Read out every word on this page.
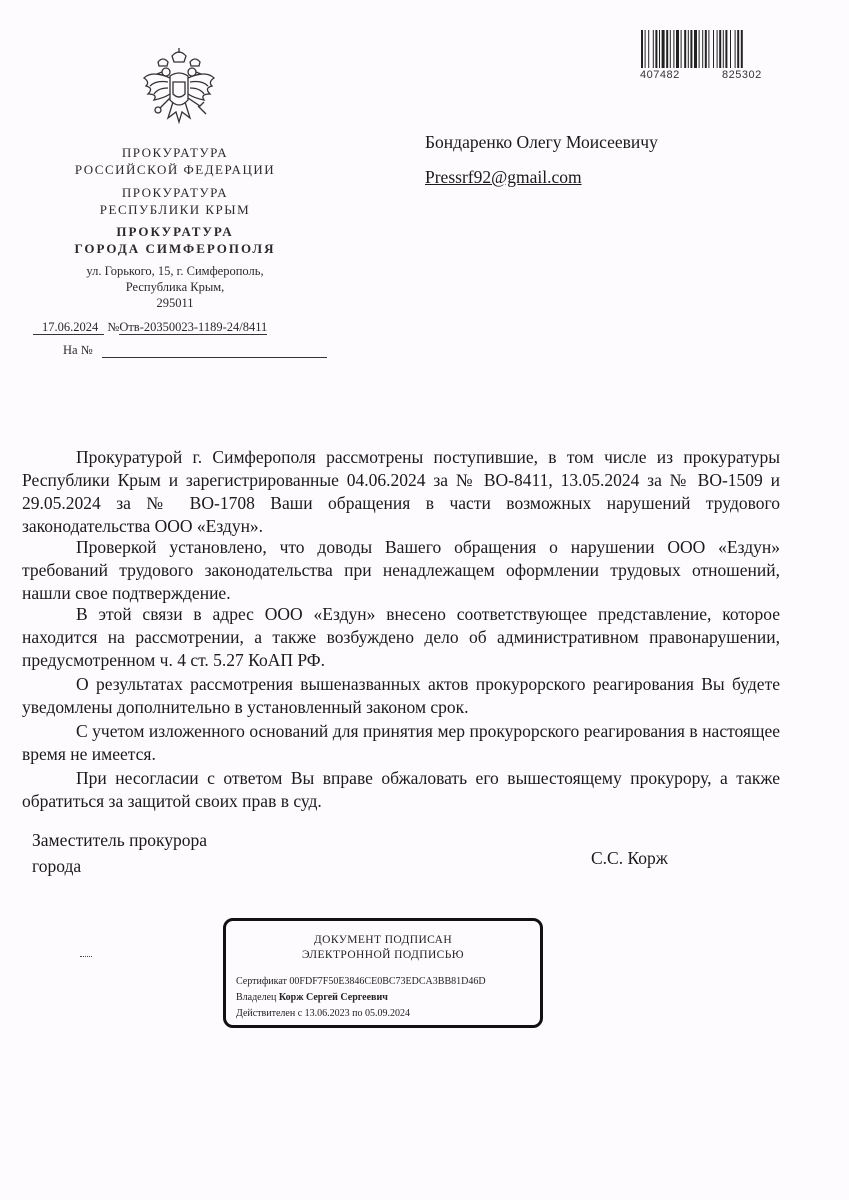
407482	825302
ПРОКУРАТУРА
РОССИЙСКОЙ ФЕДЕРАЦИИ
ПРОКУРАТУРА
РЕСПУБЛИКИ КРЫМ
ПРОКУРАТУРА
ГОРОДА СИМФЕРОПОЛЯ
ул. Горького, 15, г. Симферополь,
Республика Крым,
295011
17.06.2024 №Отв-20350023-1189-24/8411
На №
Бондаренко Олегу Моисеевичу
Pressrf92@gmail.com

Прокуратурой г. Симферополя рассмотрены поступившие, в том числе из прокуратуры Республики Крым и зарегистрированные 04.06.2024 за № ВО-8411, 13.05.2024 за № ВО-1509 и 29.05.2024 за № ВО-1708 Ваши обращения в части возможных нарушений трудового законодательства ООО «Ездун».

Проверкой установлено, что доводы Вашего обращения о нарушении ООО «Ездун» требований трудового законодательства при ненадлежащем оформлении трудовых отношений, нашли свое подтверждение.

В этой связи в адрес ООО «Ездун» внесено соответствующее представление, которое находится на рассмотрении, а также возбуждено дело об административном правонарушении, предусмотренном ч. 4 ст. 5.27 КоАП РФ.

О результатах рассмотрения вышеназванных актов прокурорского реагирования Вы будете уведомлены дополнительно в установленный законом срок.

С учетом изложенного оснований для принятия мер прокурорского реагирования в настоящее время не имеется.

При несогласии с ответом Вы вправе обжаловать его вышестоящему прокурору, а также обратиться за защитой своих прав в суд.

Заместитель прокурора
города	С.С. Корж
ДОКУМЕНТ ПОДПИСАН
ЭЛЕКТРОННОЙ ПОДПИСЬЮ
Сертификат 00FDF7F50E3846CE0BC73EDCA3BB81D46D
Владелец Корж Сергей Сергеевич
Действителен с 13.06.2023 по 05.09.2024
